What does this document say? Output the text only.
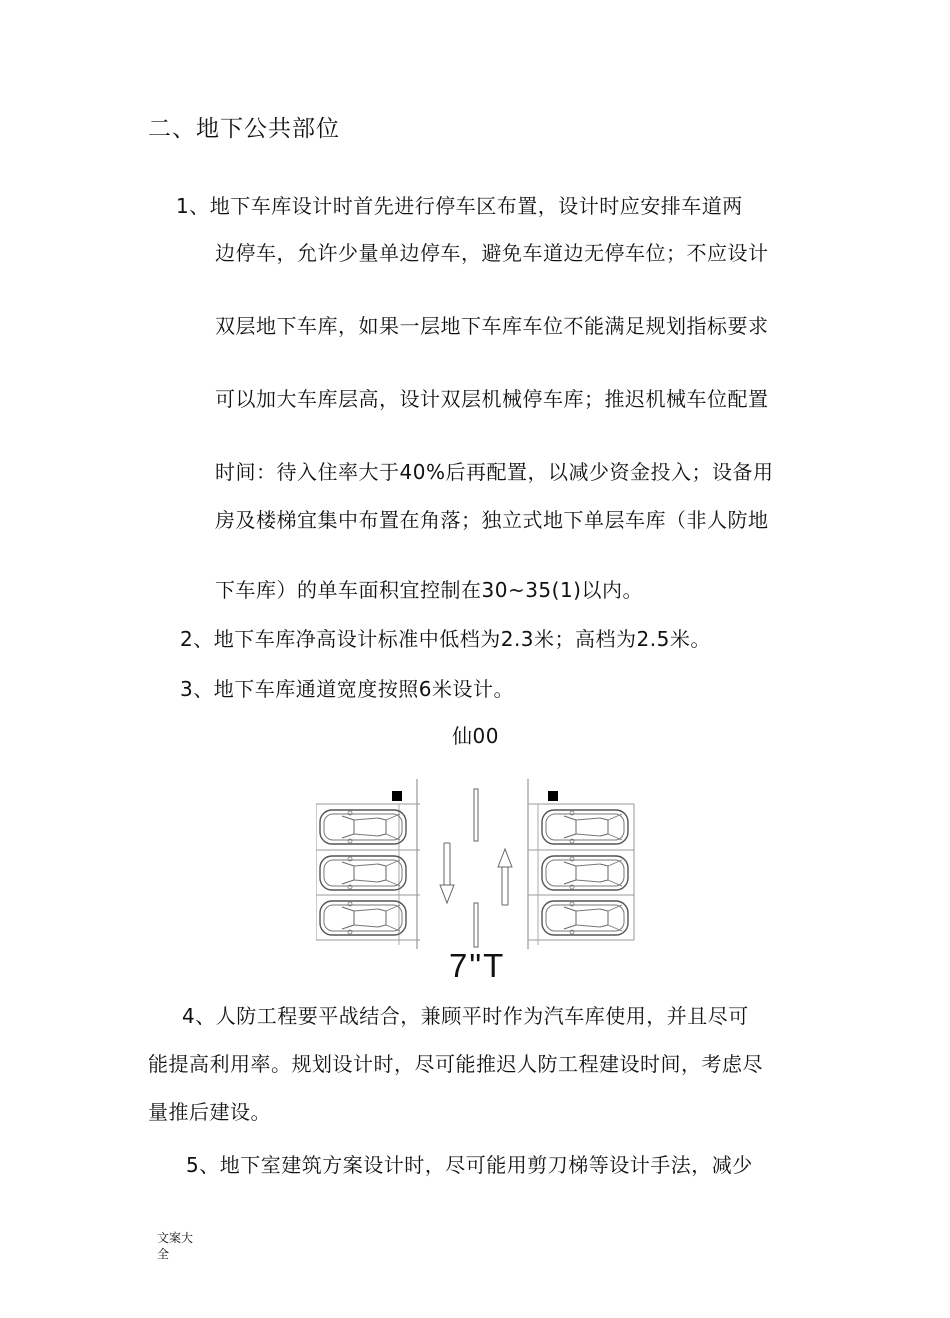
二、地下公共部位
1、地下车库设计时首先进行停车区布置，设计时应安排车道两
边停车，允许少量单边停车，避免车道边无停车位；不应设计
双层地下车库，如果一层地下车库车位不能满足规划指标要求
可以加大车库层高，设计双层机械停车库；推迟机械车位配置
时间：待入住率大于40%后再配置，以减少资金投入；设备用
房及楼梯宜集中布置在角落；独立式地下单层车库（非人防地
下车库）的单车面积宜控制在30~35(1)以内。
2、地下车库净高设计标准中低档为2.3米；高档为2.5米。
3、地下车库通道宽度按照6米设计。
仙00
7"T
4、人防工程要平战结合，兼顾平时作为汽车库使用，并且尽可
能提高利用率。规划设计时，尽可能推迟人防工程建设时间，考虑尽
量推后建设。
5、地下室建筑方案设计时，尽可能用剪刀梯等设计手法，减少
文案大全
